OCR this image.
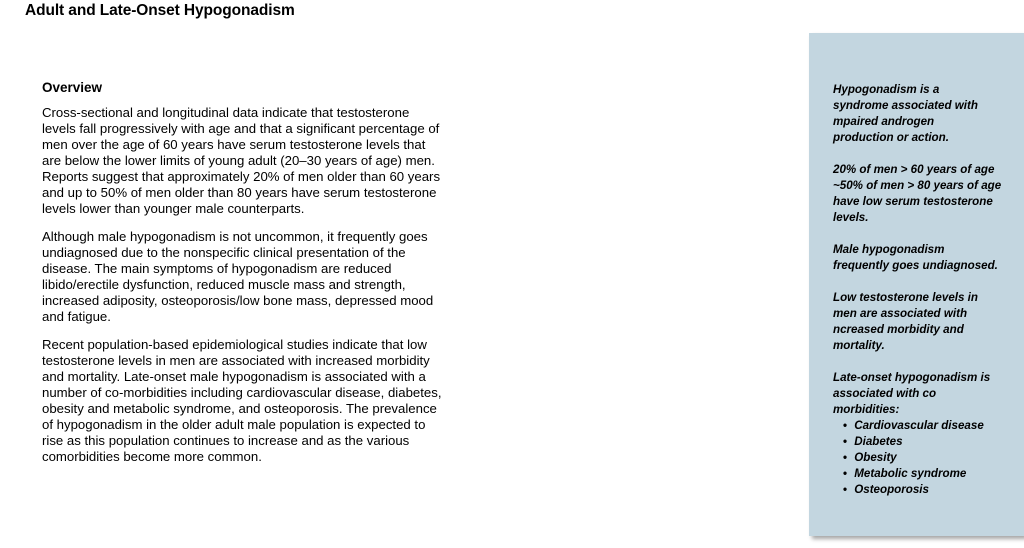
Adult and Late-Onset Hypogonadism
Overview

Cross-sectional and longitudinal data indicate that testosterone
levels fall progressively with age and that a significant percentage of
men over the age of 60 years have serum testosterone levels that
are below the lower limits of young adult (20–30 years of age) men.
Reports suggest that approximately 20% of men older than 60 years
and up to 50% of men older than 80 years have serum testosterone
levels lower than younger male counterparts.

Although male hypogonadism is not uncommon, it frequently goes
undiagnosed due to the nonspecific clinical presentation of the
disease. The main symptoms of hypogonadism are reduced
libido/erectile dysfunction, reduced muscle mass and strength,
increased adiposity, osteoporosis/low bone mass, depressed mood
and fatigue.

Recent population-based epidemiological studies indicate that low
testosterone levels in men are associated with increased morbidity
and mortality. Late-onset male hypogonadism is associated with a
number of co-morbidities including cardiovascular disease, diabetes,
obesity and metabolic syndrome, and osteoporosis. The prevalence
of hypogonadism in the older adult male population is expected to
rise as this population continues to increase and as the various
comorbidities become more common.

Hypogonadism is a
syndrome associated with
mpaired androgen
production or action.
20% of men > 60 years of age
~50% of men > 80 years of age
have low serum testosterone
levels.
Male hypogonadism
frequently goes undiagnosed.
Low testosterone levels in
men are associated with
ncreased morbidity and
mortality.
Late-onset hypogonadism is
associated with co
morbidities:
• Cardiovascular disease
• Diabetes
• Obesity
• Metabolic syndrome
• Osteoporosis
